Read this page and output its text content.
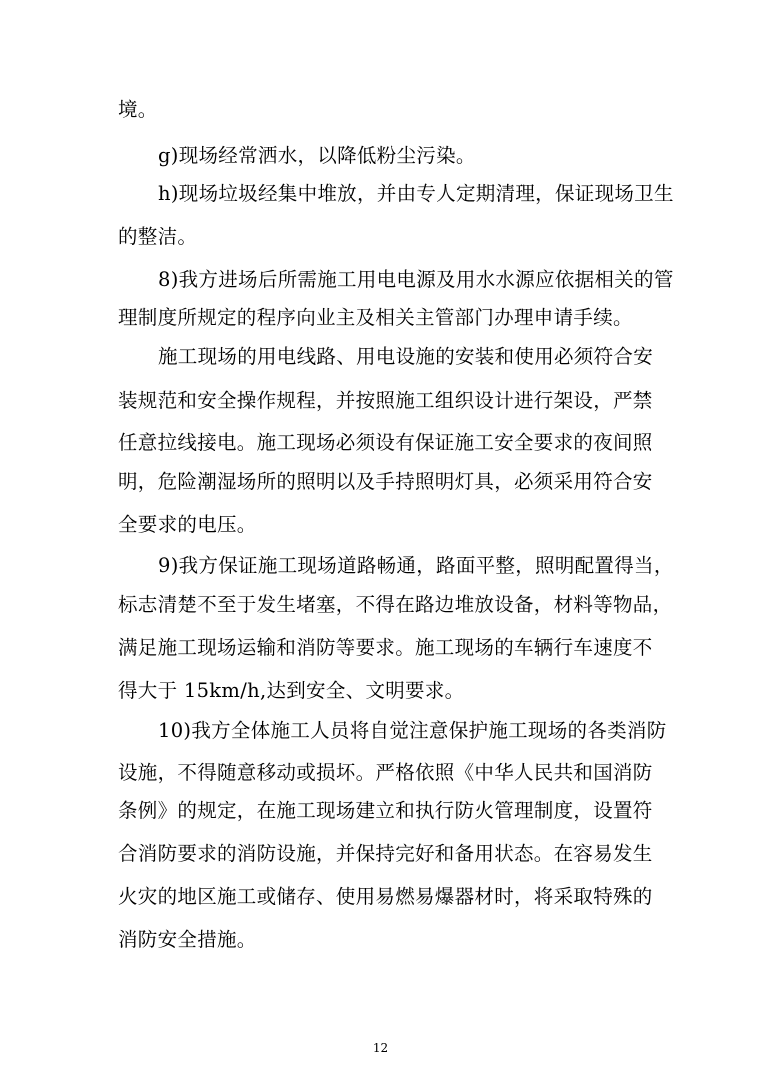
境。
g)现场经常洒水，以降低粉尘污染。
h)现场垃圾经集中堆放，并由专人定期清理，保证现场卫生
的整洁。
8)我方进场后所需施工用电电源及用水水源应依据相关的管
理制度所规定的程序向业主及相关主管部门办理申请手续。
施工现场的用电线路、用电设施的安装和使用必须符合安
装规范和安全操作规程，并按照施工组织设计进行架设，严禁
任意拉线接电。施工现场必须设有保证施工安全要求的夜间照
明，危险潮湿场所的照明以及手持照明灯具，必须采用符合安
全要求的电压。
9)我方保证施工现场道路畅通，路面平整，照明配置得当，
标志清楚不至于发生堵塞，不得在路边堆放设备，材料等物品，
满足施工现场运输和消防等要求。施工现场的车辆行车速度不
得大于 15km/h,达到安全、文明要求。
10)我方全体施工人员将自觉注意保护施工现场的各类消防
设施，不得随意移动或损坏。严格依照《中华人民共和国消防
条例》的规定，在施工现场建立和执行防火管理制度，设置符
合消防要求的消防设施，并保持完好和备用状态。在容易发生
火灾的地区施工或储存、使用易燃易爆器材时，将采取特殊的
消防安全措施。
12
